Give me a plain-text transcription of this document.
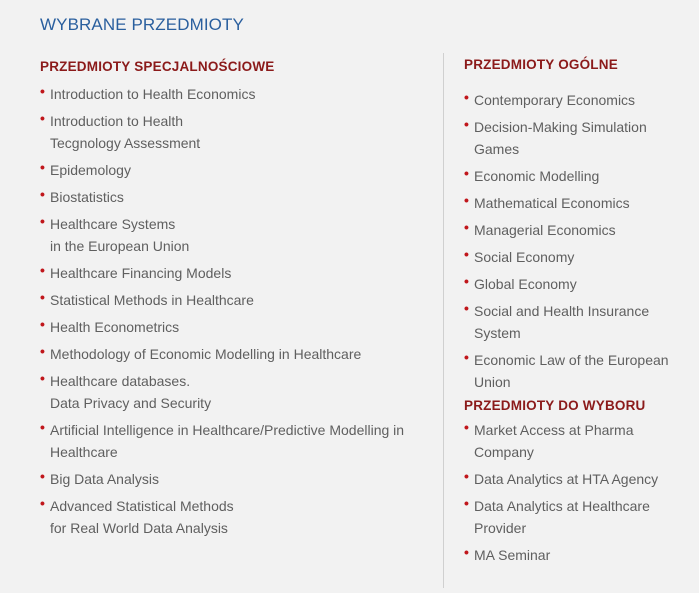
WYBRANE PRZEDMIOTY
PRZEDMIOTY SPECJALNOŚCIOWE
• Introduction to Health Economics
• Introduction to Health
Tecgnology Assessment
• Epidemology
• Biostatistics
• Healthcare Systems
in the European Union
• Healthcare Financing Models
• Statistical Methods in Healthcare
• Health Econometrics
• Methodology of Economic Modelling in Healthcare
• Healthcare databases.
Data Privacy and Security
• Artificial Intelligence in Healthcare/Predictive Modelling in
Healthcare
• Big Data Analysis
• Advanced Statistical Methods
for Real World Data Analysis
PRZEDMIOTY OGÓLNE
• Contemporary Economics
• Decision-Making Simulation
Games
• Economic Modelling
• Mathematical Economics
• Managerial Economics
• Social Economy
• Global Economy
• Social and Health Insurance
System
• Economic Law of the European
Union
PRZEDMIOTY DO WYBORU
• Market Access at Pharma
Company
• Data Analytics at HTA Agency
• Data Analytics at Healthcare
Provider
• MA Seminar
